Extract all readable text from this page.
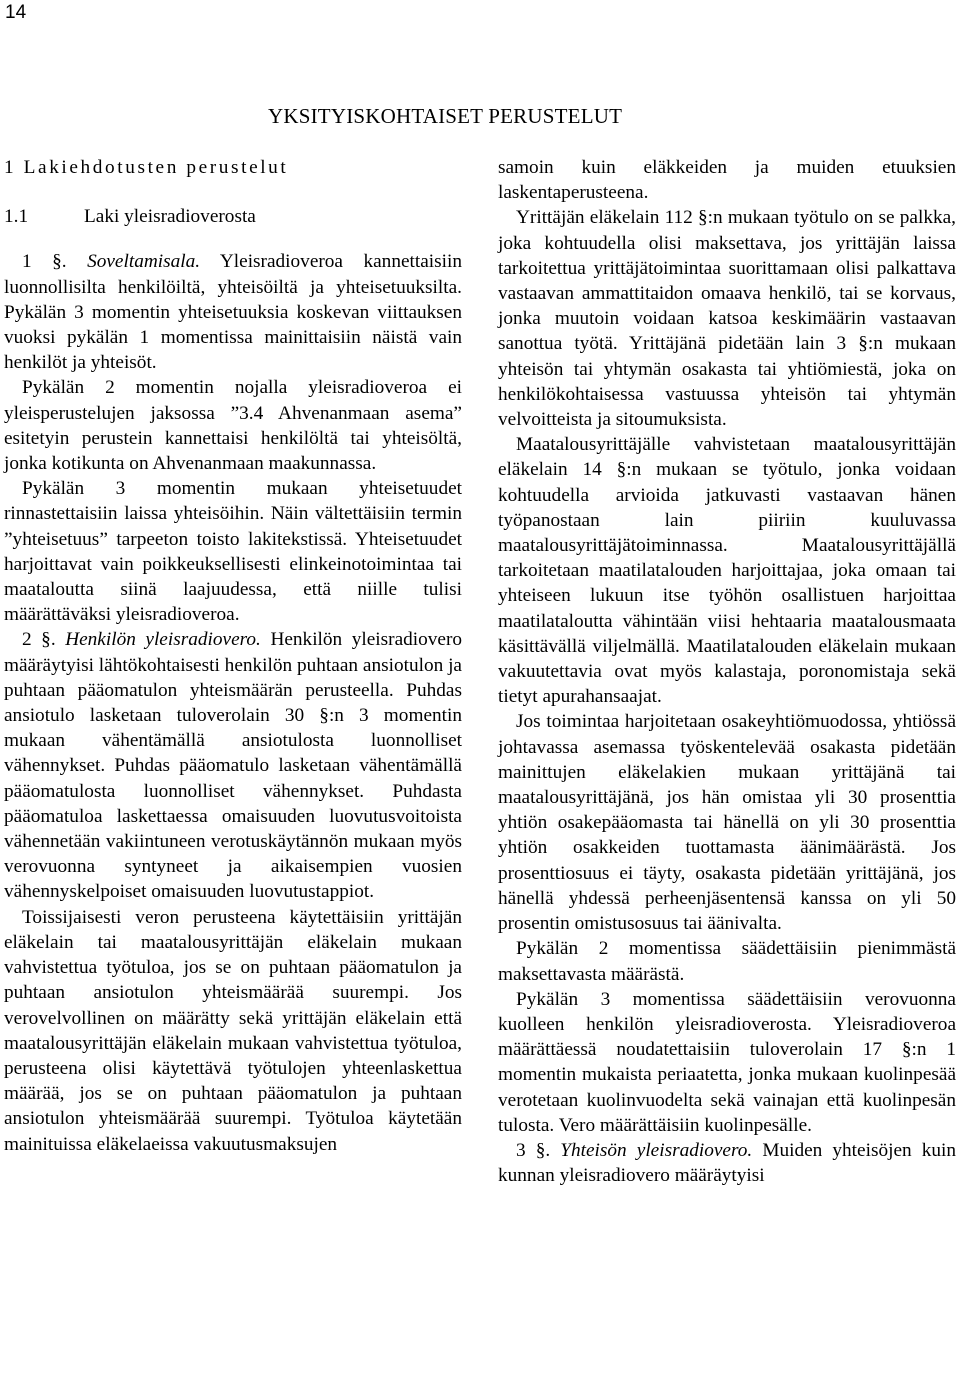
14
YKSITYISKOHTAISET PERUSTELUT
1 Lakiehdotusten perustelut
1.1	Laki yleisradioverosta

1 §. Soveltamisala. Yleisradioveroa kannettaisiin luonnollisilta henkilöiltä, yhteisöiltä ja yhteisetuuksilta. Pykälän 3 momentin yhteisetuuksia koskevan viittauksen vuoksi pykälän 1 momentissa mainittaisiin näistä vain henkilöt ja yhteisöt.

Pykälän 2 momentin nojalla yleisradioveroa ei yleisperustelujen jaksossa ”3.4 Ahvenanmaan asema” esitetyin perustein kannettaisi henkilöltä tai yhteisöltä, jonka kotikunta on Ahvenanmaan maakunnassa.

Pykälän 3 momentin mukaan yhteisetuudet rinnastettaisiin laissa yhteisöihin. Näin vältettäisiin termin ”yhteisetuus” tarpeeton toisto lakitekstissä. Yhteisetuudet harjoittavat vain poikkeuksellisesti elinkeinotoimintaa tai maataloutta siinä laajuudessa, että niille tulisi määrättäväksi yleisradioveroa.

2 §. Henkilön yleisradiovero. Henkilön yleisradiovero määräytyisi lähtökohtaisesti henkilön puhtaan ansiotulon ja puhtaan pääomatulon yhteismäärän perusteella. Puhdas ansiotulo lasketaan tuloverolain 30 §:n 3 momentin mukaan vähentämällä ansiotulosta luonnolliset vähennykset. Puhdas pääomatulo lasketaan vähentämällä pääomatulosta luonnolliset vähennykset. Puhdasta pääomatuloa laskettaessa omaisuuden luovutusvoitoista vähennetään vakiintuneen verotuskäytännön mukaan myös verovuonna syntyneet ja aikaisempien vuosien vähennyskelpoiset omaisuuden luovutustappiot.

Toissijaisesti veron perusteena käytettäisiin yrittäjän eläkelain tai maatalousyrittäjän eläkelain mukaan vahvistettua työtuloa, jos se on puhtaan pääomatulon ja puhtaan ansiotulon yhteismäärää suurempi. Jos verovelvollinen on määrätty sekä yrittäjän eläkelain että maatalousyrittäjän eläkelain mukaan vahvistettua työtuloa, perusteena olisi käytettävä työtulojen yhteenlaskettua määrää, jos se on puhtaan pääomatulon ja puhtaan ansiotulon yhteismäärää suurempi. Työtuloa käytetään mainituissa eläkelaeissa vakuutusmaksujen

samoin kuin eläkkeiden ja muiden etuuksien laskentaperusteena.

Yrittäjän eläkelain 112 §:n mukaan työtulo on se palkka, joka kohtuudella olisi maksettava, jos yrittäjän laissa tarkoitettua yrittäjätoimintaa suorittamaan olisi palkattava vastaavan ammattitaidon omaava henkilö, tai se korvaus, jonka muutoin voidaan katsoa keskimäärin vastaavan sanottua työtä. Yrittäjänä pidetään lain 3 §:n mukaan yhteisön tai yhtymän osakasta tai yhtiömiestä, joka on henkilökohtaisessa vastuussa yhteisön tai yhtymän velvoitteista ja sitoumuksista.

Maatalousyrittäjälle vahvistetaan maatalousyrittäjän eläkelain 14 §:n mukaan se työtulo, jonka voidaan kohtuudella arvioida jatkuvasti vastaavan hänen työpanostaan lain piiriin kuuluvassa maatalousyrittäjätoiminnassa. Maatalousyrittäjällä tarkoitetaan maatilatalouden harjoittajaa, joka omaan tai yhteiseen lukuun itse työhön osallistuen harjoittaa maatilataloutta vähintään viisi hehtaaria maatalousmaata käsittävällä viljelmällä. Maatilatalouden eläkelain mukaan vakuutettavia ovat myös kalastaja, poronomistaja sekä tietyt apurahansaajat.

Jos toimintaa harjoitetaan osakeyhtiömuodossa, yhtiössä johtavassa asemassa työskentelevää osakasta pidetään mainittujen eläkelakien mukaan yrittäjänä tai maatalousyrittäjänä, jos hän omistaa yli 30 prosenttia yhtiön osakepääomasta tai hänellä on yli 30 prosenttia yhtiön osakkeiden tuottamasta äänimäärästä. Jos prosenttiosuus ei täyty, osakasta pidetään yrittäjänä, jos hänellä yhdessä perheenjäsentensä kanssa on yli 50 prosentin omistusosuus tai äänivalta.

Pykälän 2 momentissa säädettäisiin pienimmästä maksettavasta määrästä.

Pykälän 3 momentissa säädettäisiin verovuonna kuolleen henkilön yleisradioverosta. Yleisradioveroa määrättäessä noudatettaisiin tuloverolain 17 §:n 1 momentin mukaista periaatetta, jonka mukaan kuolinpesää verotetaan kuolinvuodelta sekä vainajan että kuolinpesän tulosta. Vero määrättäisiin kuolinpesälle.

3 §. Yhteisön yleisradiovero. Muiden yhteisöjen kuin kunnan yleisradiovero määräytyisi
